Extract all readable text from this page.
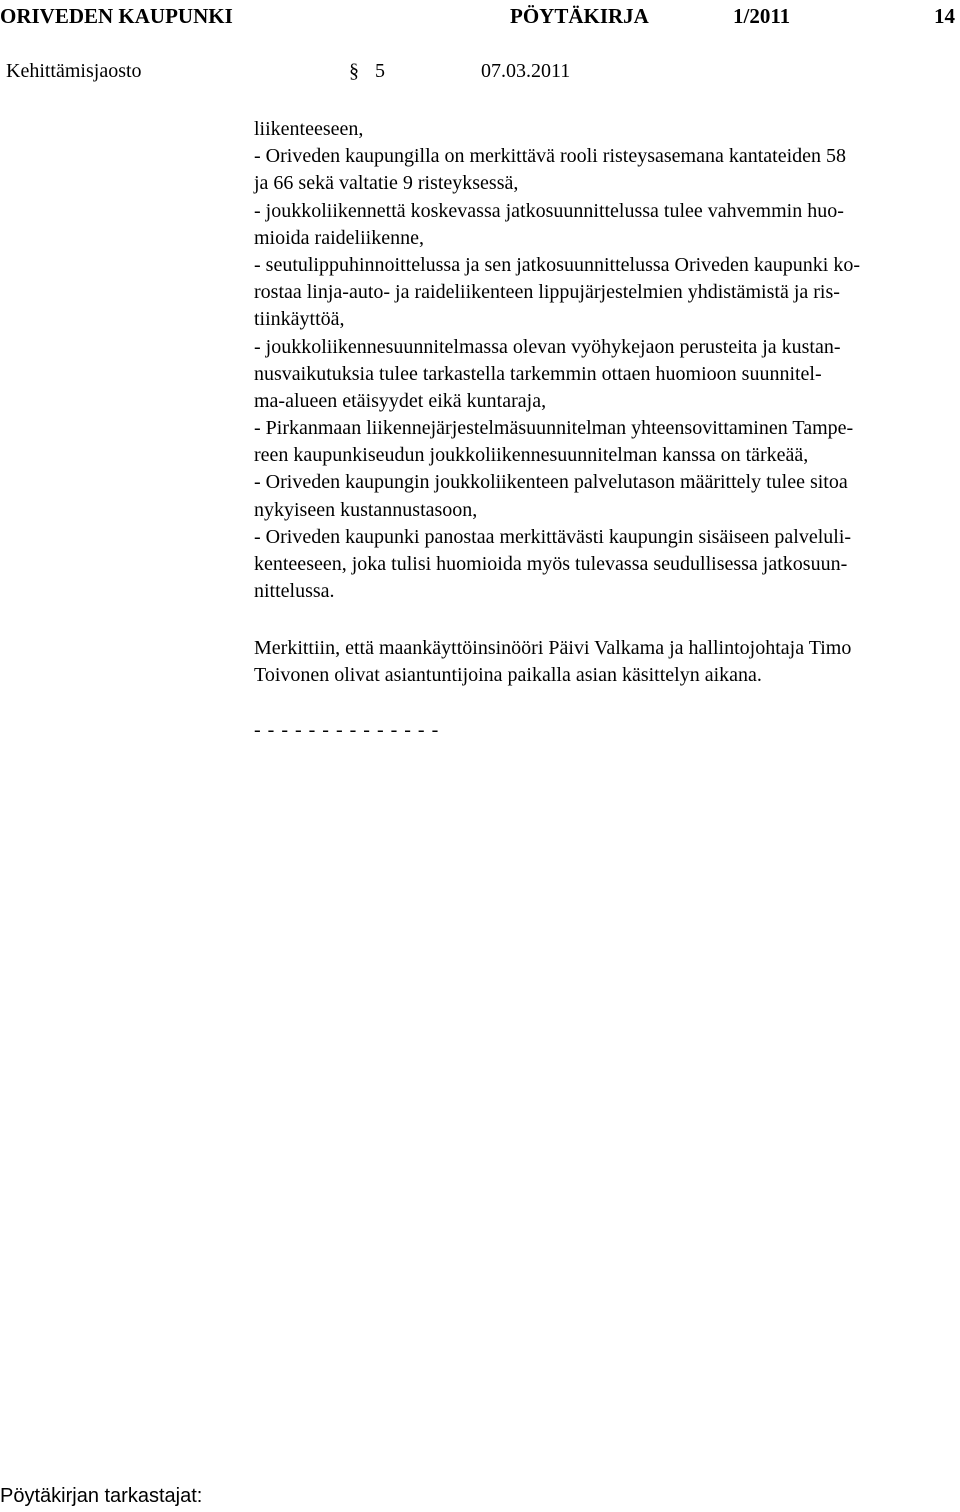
ORIVEDEN KAUPUNKI	PÖYTÄKIRJA	1/2011	14
Kehittämisjaosto	§ 5	07.03.2011
liikenteeseen,
- Oriveden kaupungilla on merkittävä rooli risteysasemana kantateiden 58
ja 66 sekä valtatie 9 risteyksessä,
- joukkoliikennettä koskevassa jatkosuunnittelussa tulee vahvemmin huo-
mioida raideliikenne,
- seutulippuhinnoittelussa ja sen jatkosuunnittelussa Oriveden kaupunki ko-
rostaa linja-auto- ja raideliikenteen lippujärjestelmien yhdistämistä ja ris-
tiinkäyttöä,
- joukkoliikennesuunnitelmassa olevan vyöhykejaon perusteita ja kustan-
nusvaikutuksia tulee tarkastella tarkemmin ottaen huomioon suunnitel-
ma-alueen etäisyydet eikä kuntaraja,
- Pirkanmaan liikennejärjestelmäsuunnitelman yhteensovittaminen Tampe-
reen kaupunkiseudun joukkoliikennesuunnitelman kanssa on tärkeää,
- Oriveden kaupungin joukkoliikenteen palvelutason määrittely tulee sitoa
nykyiseen kustannustasoon,
- Oriveden kaupunki panostaa merkittävästi kaupungin sisäiseen palveluli-
kenteeseen, joka tulisi huomioida myös tulevassa seudullisessa jatkosuun-
nittelussa.
Merkittiin, että maankäyttöinsinööri Päivi Valkama ja hallintojohtaja Timo
Toivonen olivat asiantuntijoina paikalla asian käsittelyn aikana.
- - - - - - - - - - - - - -
Pöytäkirjan tarkastajat:
